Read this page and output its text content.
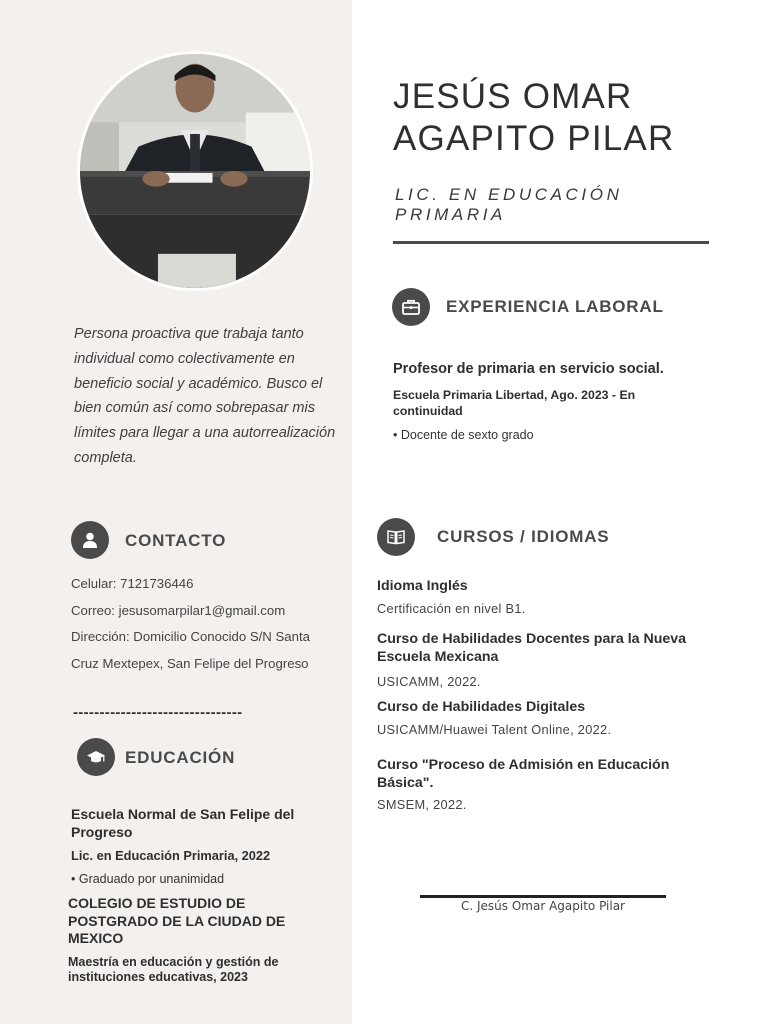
Persona proactiva que trabaja tanto individual como colectivamente en beneficio social y académico. Busco el bien común así como sobrepasar mis límites para llegar a una autorrealización completa.

CONTACTO
Celular: 7121736446
Correo: jesusomarpilar1@gmail.com
Dirección: Domicilio Conocido S/N Santa
Cruz Mextepex, San Felipe del Progreso
--------------------------------
EDUCACIÓN
Escuela Normal de San Felipe del Progreso
Lic. en Educación Primaria, 2022
• Graduado por unanimidad
COLEGIO DE ESTUDIO DE POSTGRADO DE LA CIUDAD DE MEXICO
Maestría en educación y gestión de instituciones educativas, 2023
JESÚS OMAR
AGAPITO PILAR
LIC. EN EDUCACIÓN
PRIMARIA
EXPERIENCIA LABORAL
Profesor de primaria en servicio social.
Escuela Primaria Libertad, Ago. 2023 - En continuidad
• Docente de sexto grado
CURSOS / IDIOMAS
Idioma Inglés
Certificación en nivel B1.
Curso de Habilidades Docentes para la Nueva Escuela Mexicana
USICAMM, 2022.
Curso de Habilidades Digitales
USICAMM/Huawei Talent Online, 2022.
Curso "Proceso de Admisión en Educación Básica".
SMSEM, 2022.
C. Jesús Omar Agapito Pilar
